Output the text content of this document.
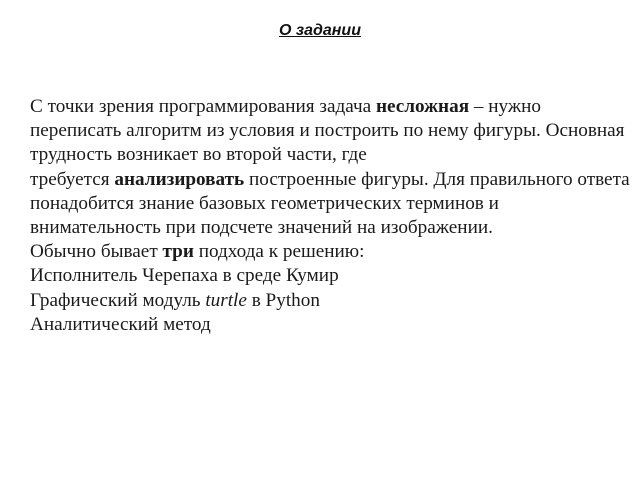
О задании

С точки зрения программирования задача несложная – нужно переписать алгоритм из условия и построить по нему фигуры. Основная трудность возникает во второй части, где

требуется анализировать построенные фигуры. Для правильного ответа понадобится знание базовых геометрических терминов и внимательность при подсчете значений на изображении.

Обычно бывает три подхода к решению:

Исполнитель Черепаха в среде Кумир

Графический модуль turtle в Python

Аналитический метод
